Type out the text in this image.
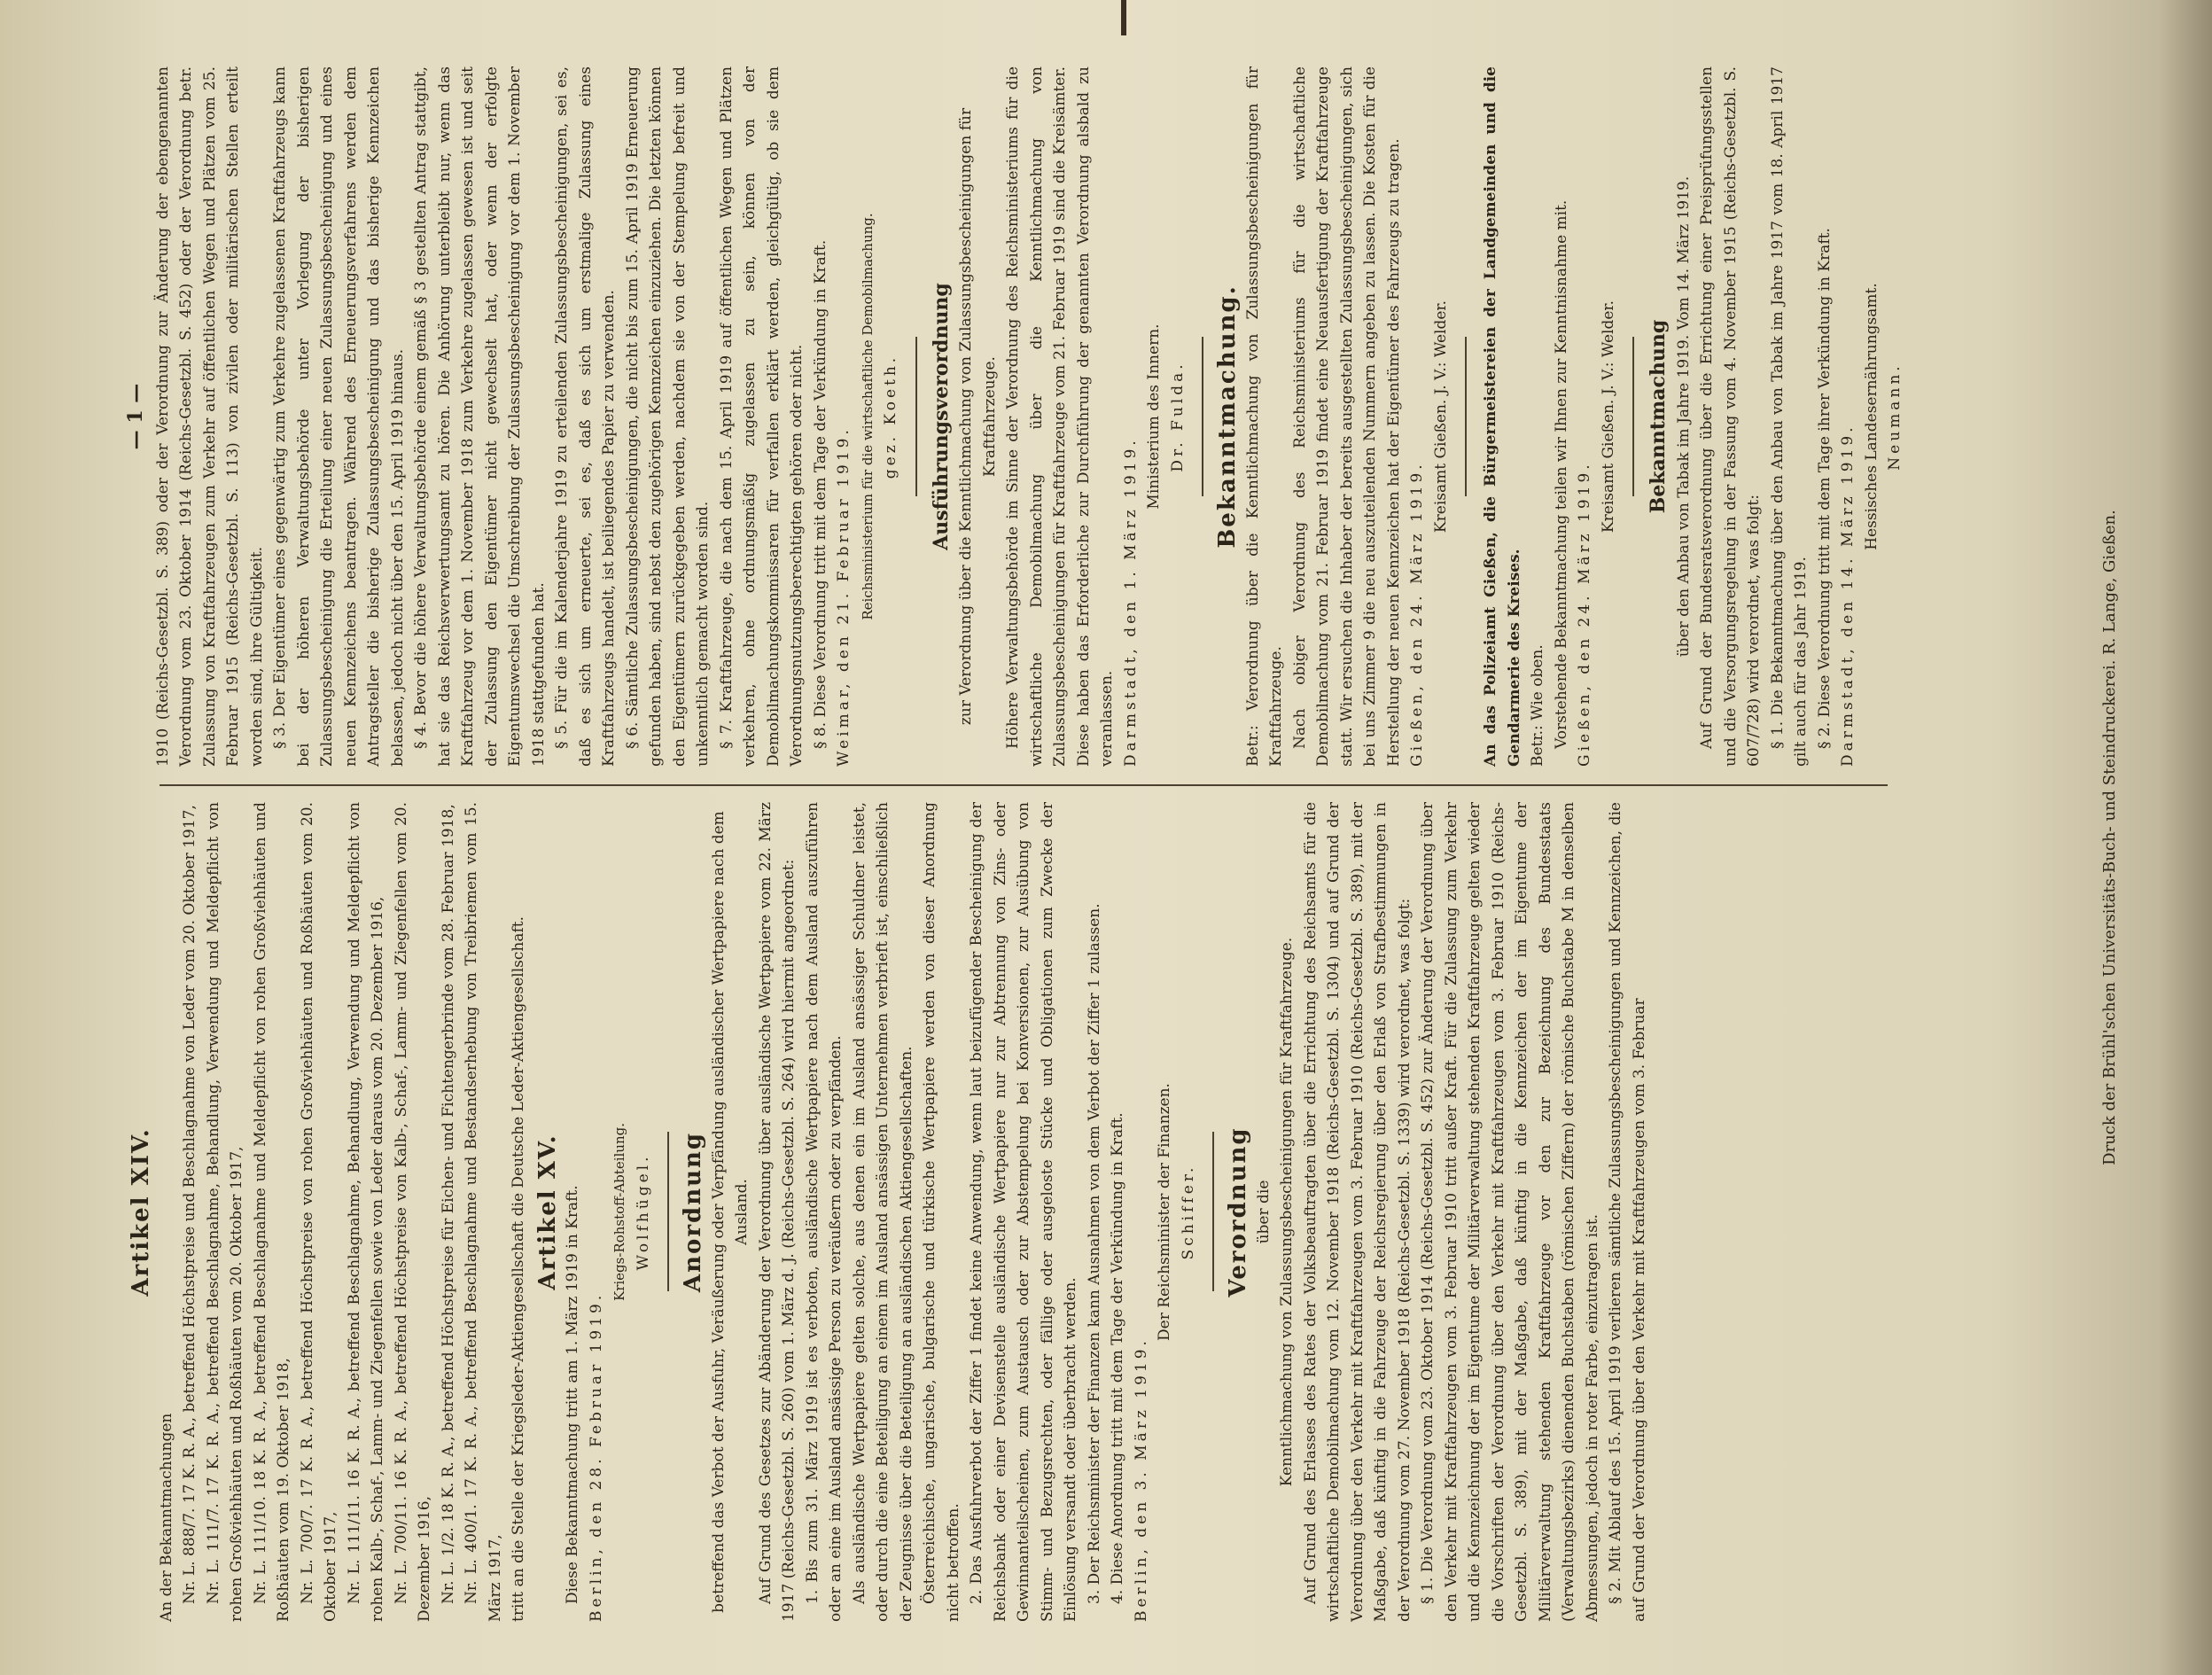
Artikel XIV.

An der Bekanntmachungen Nr. L. 888/7. 17 K. R. A., betreffend Höchstpreise und Beschlagnahme von Leder vom 20. Oktober 1917, Nr. L. 111/7. 17 K. R. A., betreffend Beschlagnahme, Behandlung, Verwendung und Meldepflicht von rohen Großviehhäuten und Roßhäuten vom 20. Oktober 1917, Nr. L. 111/10. 18 K. R. A., betreffend Beschlagnahme und Meldepflicht von rohen Großviehhäuten und Roßhäuten vom 19. Oktober 1918, Nr. L. 700/7. 17 K. R. A., betreffend Höchstpreise von rohen Großviehhäuten und Roßhäuten vom 20. Oktober 1917, Nr. L. 111/11. 16 K. R. A., betreffend Beschlagnahme, Behandlung, Verwendung und Meldepflicht von rohen Kalb-, Schaf-, Lamm- und Ziegenfellen sowie von Leder daraus vom 20. Dezember 1916, Nr. L. 700/11. 16 K. R. A., betreffend Höchstpreise von Kalb-, Schaf-, Lamm- und Ziegenfellen vom 20. Dezember 1916, Nr. L. 1/2. 18 K. R. A., betreffend Höchstpreise für Eichen- und Fichtengerbrinde vom 28. Februar 1918, Nr. L. 400/1. 17 K. R. A., betreffend Beschlagnahme und Bestandserhebung von Treibriemen vom 15. März 1917, tritt an die Stelle der Kriegsleder-Aktiengesellschaft die Deutsche Leder-Aktiengesellschaft. Artikel XV. Diese Bekanntmachung tritt am 1. März 1919 in Kraft. Berlin, den 28. Februar 1919.

Kriegs-Rohstoff-Abteilung. Wolfhügel. Anordnung betreffend das Verbot der Ausfuhr, Veräußerung oder Verpfändung ausländischer Wertpapiere nach dem Ausland. Auf Grund des Gesetzes zur Abänderung der Verordnung über ausländische Wertpapiere vom 22. März 1917 (Reichs-Gesetzbl. S. 260) vom 1. März d. J. (Reichs-Gesetzbl. S. 264) wird hiermit angeordnet: 1. Bis zum 31. März 1919 ist es verboten, ausländische Wertpapiere nach dem Ausland auszuführen oder an eine im Ausland ansässige Person zu veräußern oder zu verpfänden. Als ausländische Wertpapiere gelten solche, aus denen ein im Ausland ansässiger Schuldner leistet, oder durch die eine Beteiligung an einem im Ausland ansässigen Unternehmen verbrieft ist, einschließlich der Zeugnisse über die Beteiligung an ausländischen Aktiengesellschaften. Österreichische, ungarische, bulgarische und türkische Wertpapiere werden von dieser Anordnung nicht betroffen. 2. Das Ausfuhrverbot der Ziffer 1 findet keine Anwendung, wenn laut beizufügender Bescheinigung der Reichsbank oder einer Devisenstelle ausländische Wertpapiere nur zur Abtrennung von Zins- oder Gewinnanteilscheinen, zum Austausch oder zur Abstempelung bei Konversionen, zur Ausübung von Stimm- und Bezugsrechten, oder fällige oder ausgeloste Stücke und Obligationen zum Zwecke der Einlösung versandt oder überbracht werden. 3. Der Reichsminister der Finanzen kann Ausnahmen von dem Verbot der Ziffer 1 zulassen. 4. Diese Anordnung tritt mit dem Tage der Verkündung in Kraft. Berlin, den 3. März 1919.

Der Reichsminister der Finanzen. Schiffer. Verordnung über die Kenntlichmachung von Zulassungsbescheinigungen für Kraftfahrzeuge. Auf Grund des Erlasses des Rates der Volksbeauftragten über die Errichtung des Reichsamts für die wirtschaftliche Demobilmachung vom 12. November 1918 (Reichs-Gesetzbl. S. 1304) und auf Grund der Verordnung über den Verkehr mit Kraftfahrzeugen vom 3. Februar 1910 (Reichs-Gesetzbl. S. 389), mit der Maßgabe, daß künftig in die Fahrzeuge der Reichsregierung über den Erlaß von Strafbestimmungen in der Verordnung vom 27. November 1918 (Reichs-Gesetzbl. S. 1339) wird verordnet, was folgt: § 1. Die Verordnung vom 23. Oktober 1914 (Reichs-Gesetzbl. S. 452) zur Änderung der Verordnung über den Verkehr mit Kraftfahrzeugen vom 3. Februar 1910 tritt außer Kraft. Für die Zulassung zum Verkehr und die Kennzeichnung der im Eigentume der Militärverwaltung stehenden Kraftfahrzeuge gelten wieder die Vorschriften der Verordnung über den Verkehr mit Kraftfahrzeugen vom 3. Februar 1910 (Reichs-Gesetzbl. S. 389), mit der Maßgabe, daß künftig in die Kennzeichen der im Eigentume der Militärverwaltung stehenden Kraftfahrzeuge vor den zur Bezeichnung des Bundesstaats (Verwaltungsbezirks) dienenden Buchstaben (römischen Ziffern) der römische Buchstabe M in denselben Abmessungen, jedoch in roter Farbe, einzutragen ist. § 2. Mit Ablauf des 15. April 1919 verlieren sämtliche Zulassungsbescheinigungen und Kennzeichen, die auf Grund der Verordnung über den Verkehr mit Kraftfahrzeugen vom 3. Februar

— 1 — 1910 (Reichs-Gesetzbl. S. 389) oder der Verordnung zur Änderung der ebengenannten Verordnung vom 23. Oktober 1914 (Reichs-Gesetzbl. S. 452) oder der Verordnung betr. Zulassung von Kraftfahrzeugen zum Verkehr auf öffentlichen Wegen und Plätzen vom 25. Februar 1915 (Reichs-Gesetzbl. S. 113) von zivilen oder militärischen Stellen erteilt worden sind, ihre Gültigkeit. § 3. Der Eigentümer eines gegenwärtig zum Verkehre zugelassenen Kraftfahrzeugs kann bei der höheren Verwaltungsbehörde unter Vorlegung der bisherigen Zulassungsbescheinigung die Erteilung einer neuen Zulassungsbescheinigung und eines neuen Kennzeichens beantragen. Während des Erneuerungsverfahrens werden dem Antragsteller die bisherige Zulassungsbescheinigung und das bisherige Kennzeichen belassen, jedoch nicht über den 15. April 1919 hinaus. § 4. Bevor die höhere Verwaltungsbehörde einem gemäß § 3 gestellten Antrag stattgibt, hat sie das Reichsverwertungsamt zu hören. Die Anhörung unterbleibt nur, wenn das Kraftfahrzeug vor dem 1. November 1918 zum Verkehre zugelassen gewesen ist und seit der Zulassung den Eigentümer nicht gewechselt hat, oder wenn der erfolgte Eigentumswechsel die Umschreibung der Zulassungsbescheinigung vor dem 1. November 1918 stattgefunden hat. § 5. Für die im Kalenderjahre 1919 zu erteilenden Zulassungsbescheinigungen, sei es, daß es sich um erneuerte, sei es, daß es sich um erstmalige Zulassung eines Kraftfahrzeugs handelt, ist beiliegendes Papier zu verwenden. § 6. Sämtliche Zulassungsbescheinigungen, die nicht bis zum 15. April 1919 Erneuerung gefunden haben, sind nebst den zugehörigen Kennzeichen einzuziehen. Die letzten können den Eigentümern zurückgegeben werden, nachdem sie von der Stempelung befreit und unkenntlich gemacht worden sind. § 7. Kraftfahrzeuge, die nach dem 15. April 1919 auf öffentlichen Wegen und Plätzen verkehren, ohne ordnungsmäßig zugelassen zu sein, können von der Demobilmachungskommissaren für verfallen erklärt werden, gleichgültig, ob sie dem Verordnungsnutzungsberechtigten gehören oder nicht. § 8. Diese Verordnung tritt mit dem Tage der Verkündung in Kraft. Weimar, den 21. Februar 1919. Reichsministerium für die wirtschaftliche Demobilmachung. gez. Koeth. Ausführungsverordnung zur Verordnung über die Kenntlichmachung von Zulassungsbescheinigungen für Kraftfahrzeuge. Höhere Verwaltungsbehörde im Sinne der Verordnung des Reichsministeriums für die wirtschaftliche Demobilmachung über die Kenntlichmachung von Zulassungsbescheinigungen für Kraftfahrzeuge vom 21. Februar 1919 sind die Kreisämter. Diese haben das Erforderliche zur Durchführung der genannten Verordnung alsbald zu veranlassen. Darmstadt, den 1. März 1919.

Ministerium des Innern. Dr. Fulda. Bekanntmachung. Betr.: Verordnung über die Kenntlichmachung von Zulassungsbescheinigungen für Kraftfahrzeuge. Nach obiger Verordnung des Reichsministeriums für die wirtschaftliche Demobilmachung vom 21. Februar 1919 findet eine Neuausfertigung der Kraftfahrzeuge statt. Wir ersuchen die Inhaber der bereits ausgestellten Zulassungsbescheinigungen, sich bei uns Zimmer 9 die neu auszuteilenden Nummern angeben zu lassen. Die Kosten für die Herstellung der neuen Kennzeichen hat der Eigentümer des Fahrzeugs zu tragen. Gießen, den 24. März 1919.

Kreisamt Gießen. J. V.: Welder. An das Polizeiamt Gießen, die Bürgermeistereien der Landgemeinden und die Gendarmerie des Kreises. Betr.: Wie oben. Vorstehende Bekanntmachung teilen wir Ihnen zur Kenntnisnahme mit. Gießen, den 24. März 1919.

Kreisamt Gießen. J. V.: Welder. Bekanntmachung über den Anbau von Tabak im Jahre 1919. Vom 14. März 1919. Auf Grund der Bundesratsverordnung über die Errichtung einer Preisprüfungsstellen und die Versorgungsregelung in der Fassung vom 4. November 1915 (Reichs-Gesetzbl. S. 607/728) wird verordnet, was folgt: § 1. Die Bekanntmachung über den Anbau von Tabak im Jahre 1917 vom 18. April 1917 gilt auch für das Jahr 1919. § 2. Diese Verordnung tritt mit dem Tage ihrer Verkündung in Kraft. Darmstadt, den 14. März 1919.

Hessisches Landesernährungsamt. Neumann.
Druck der Brühl'schen Universitäts-Buch- und Steindruckerei. R. Lange, Gießen.
